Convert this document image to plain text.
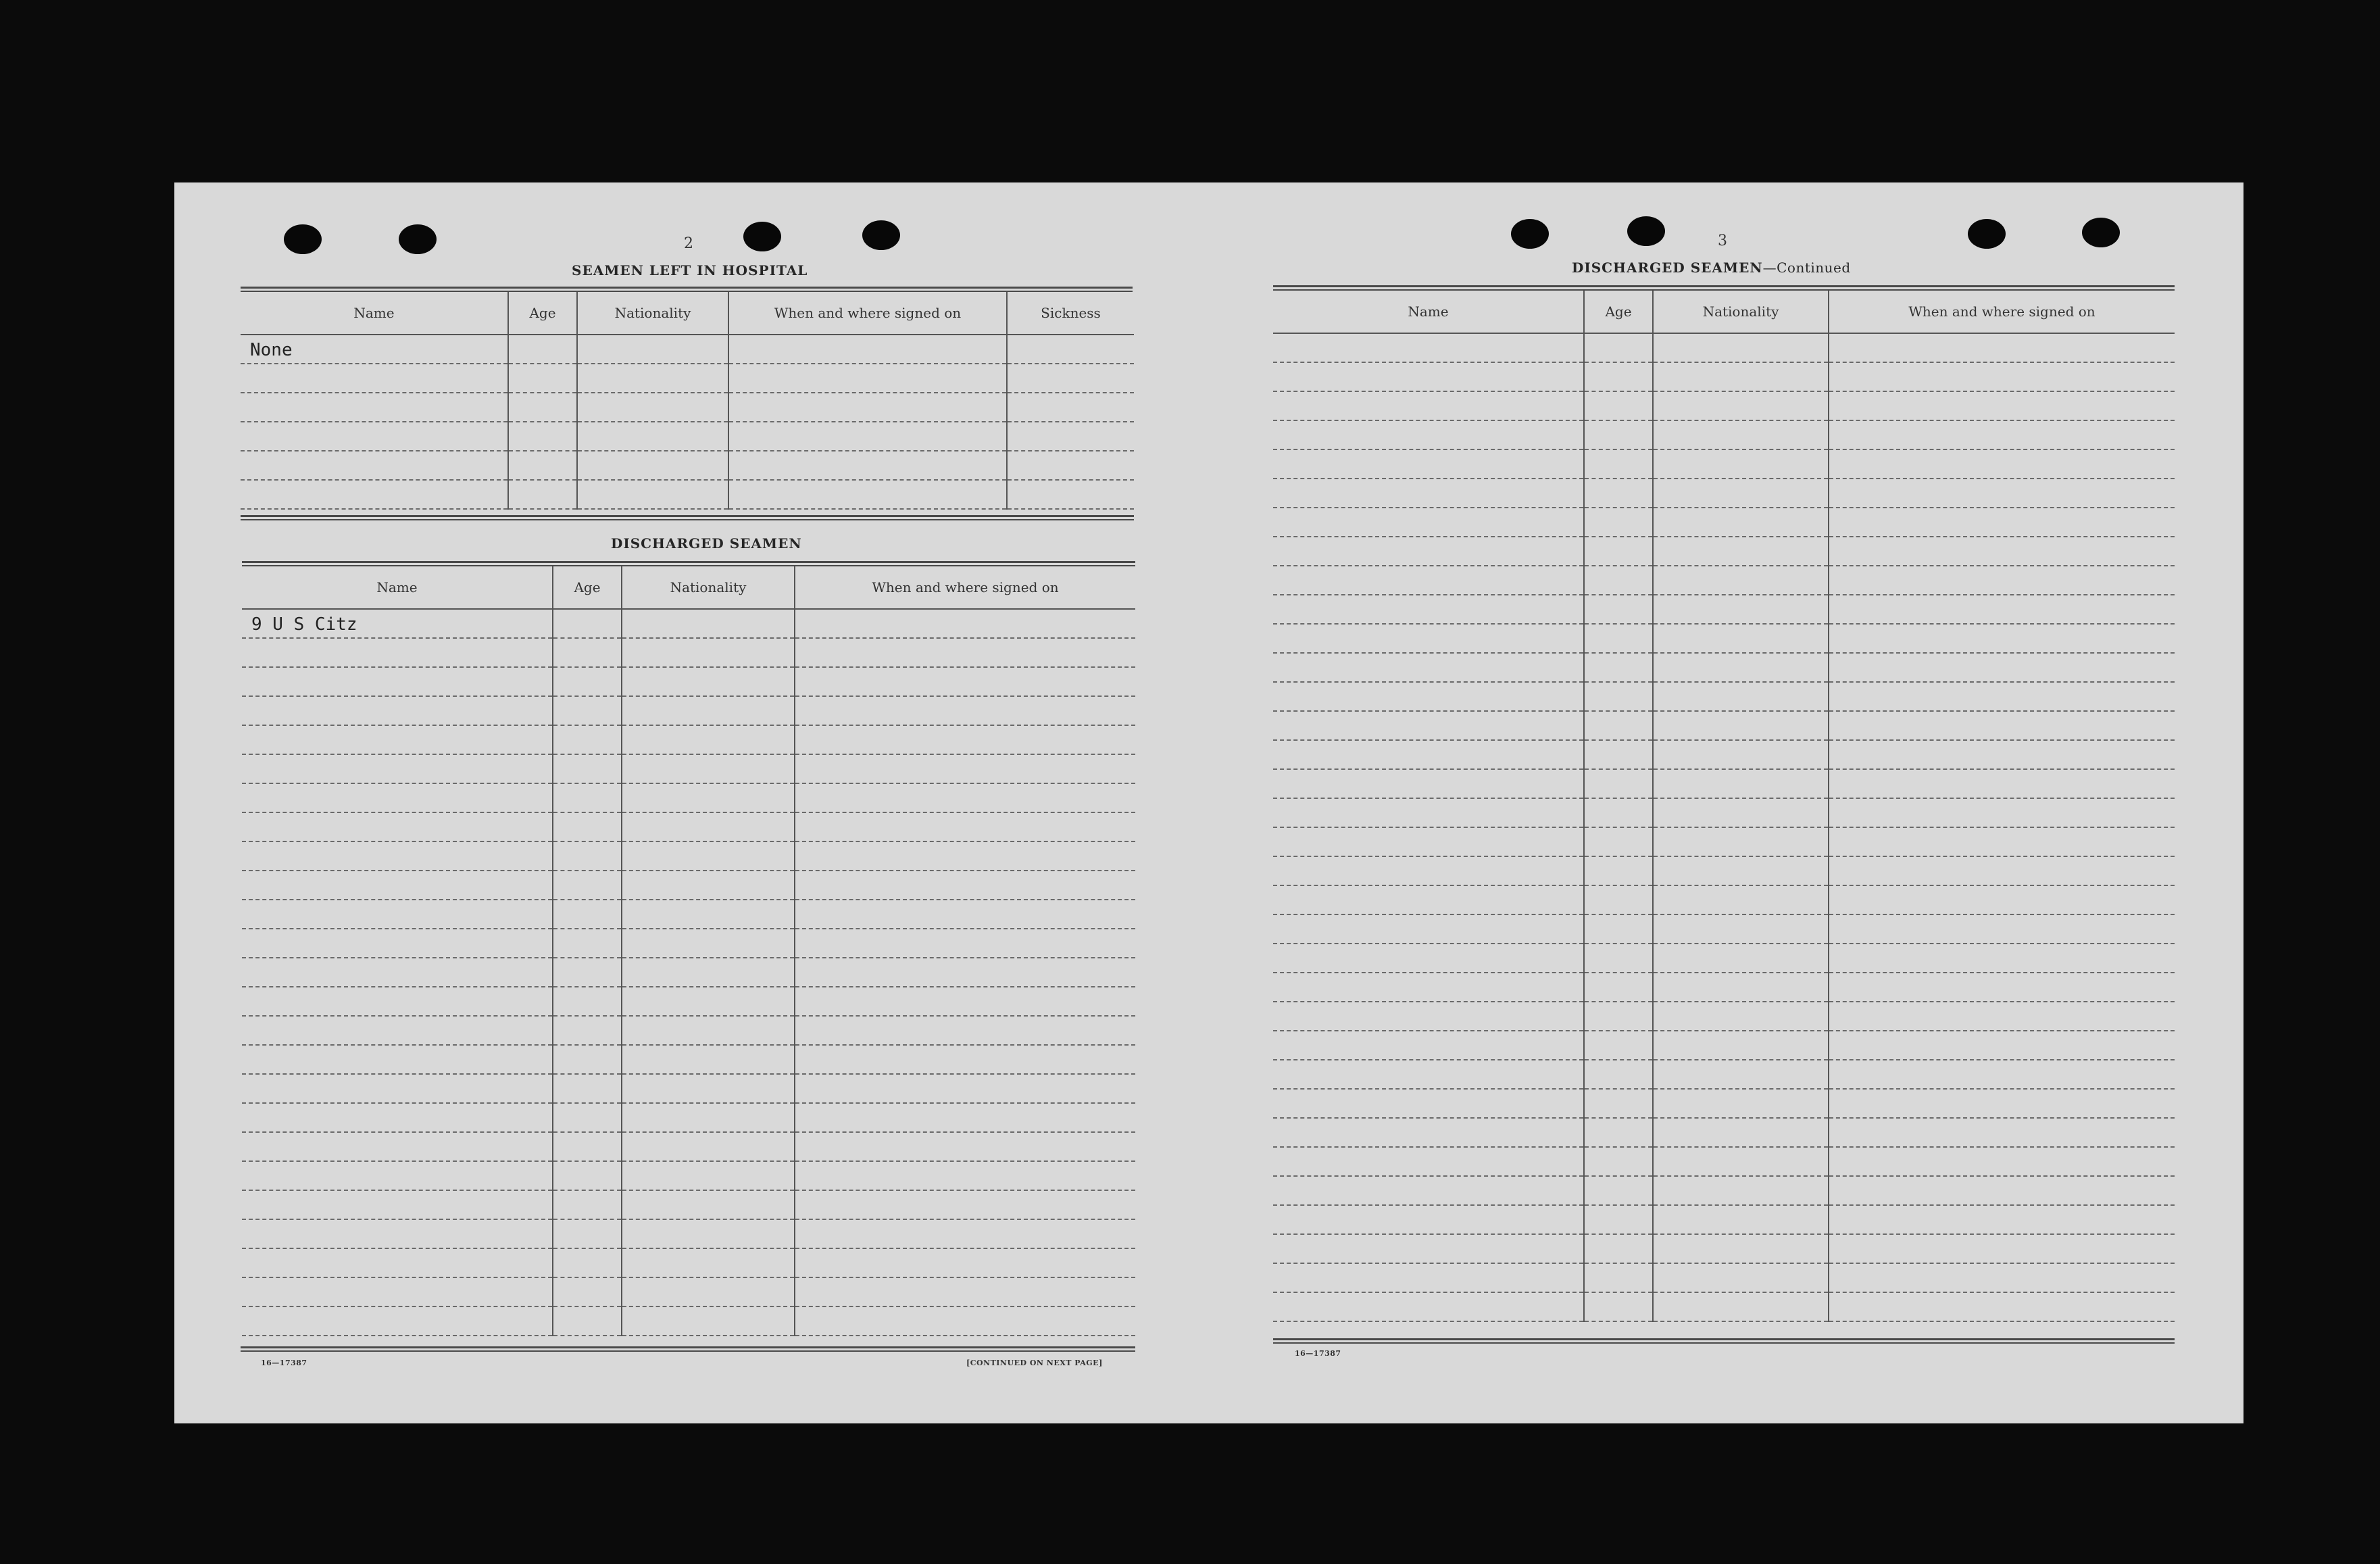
2
SEAMEN LEFT IN HOSPITAL
Name	Age	Nationality	When and where signed on	Sickness
None				

DISCHARGED SEAMEN
Name	Age	Nationality	When and where signed on
9 U S Citz			

16—17387	[CONTINUED ON NEXT PAGE]
3
DISCHARGED SEAMEN—Continued
Name	Age	Nationality	When and where signed on

16—17387
